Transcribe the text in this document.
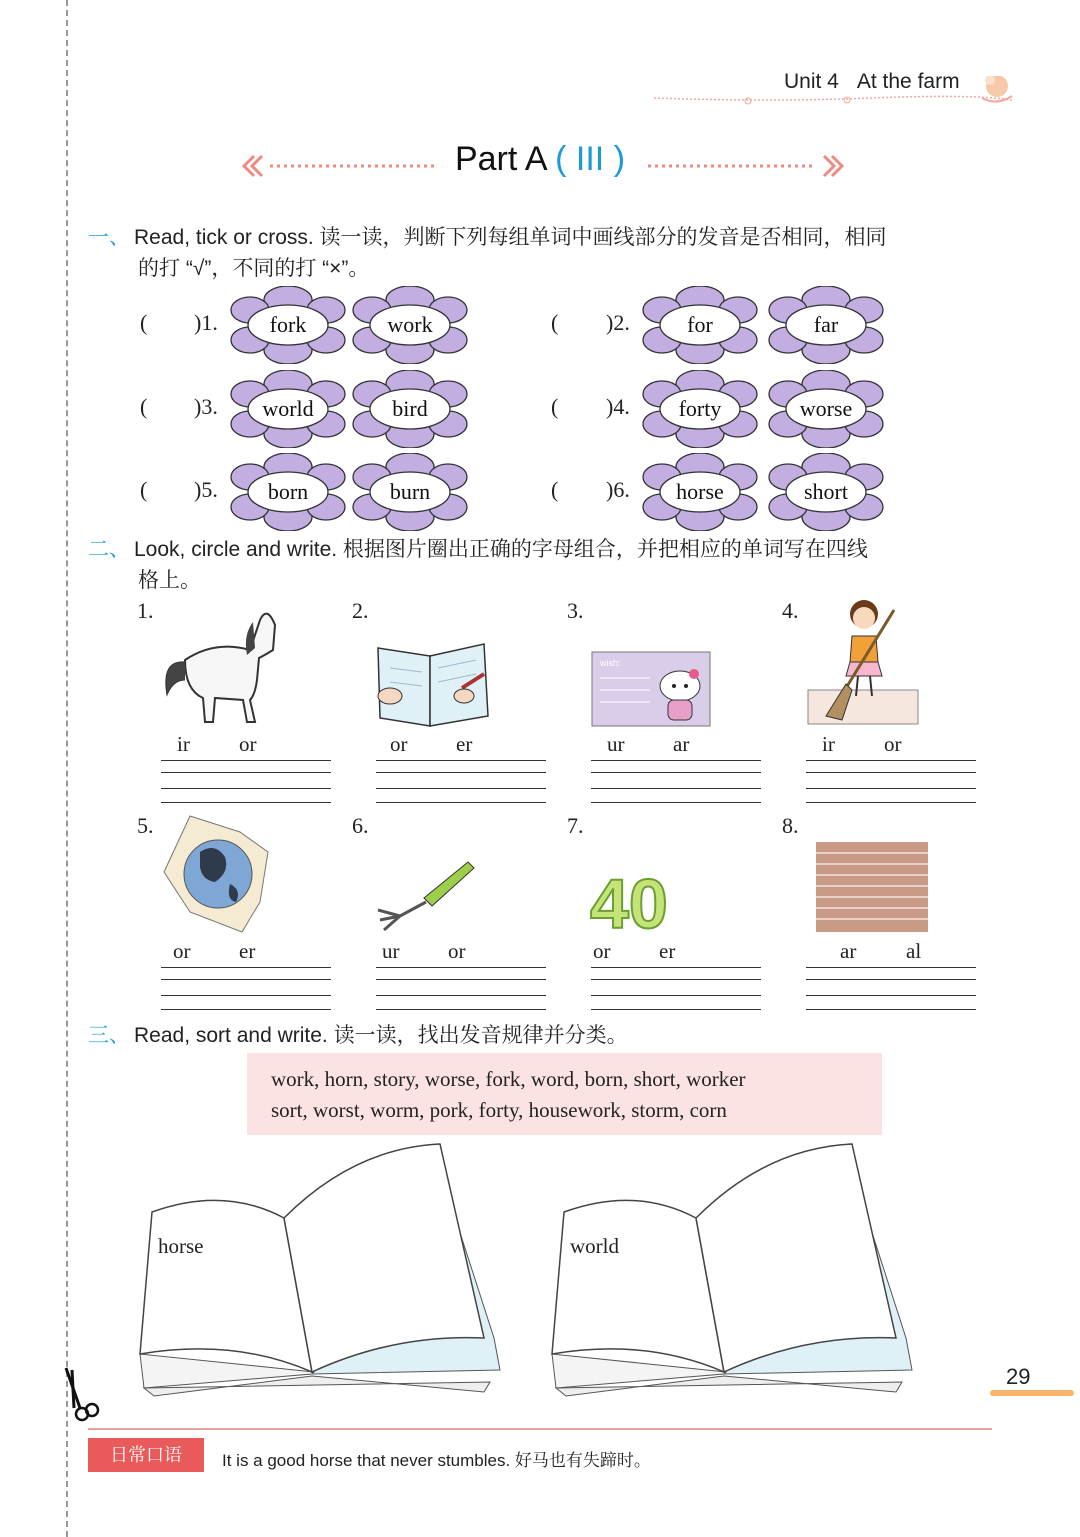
Unit 4 At the farm
Part A ( III )
一、 Read, tick or cross. 读一读，判断下列每组单词中画线部分的发音是否相同，相同
的打 “√”，不同的打 “×”。
( )1.	fork	work	( )2.	for	far
( )3.	world	bird	( )4.	forty	worse
( )5.	born	burn	( )6.	horse	short
二、 Look, circle and write. 根据图片圈出正确的字母组合，并把相应的单词写在四线
格上。
1.
ir or
2.
or er
3.
ur ar
4.
ir or
5.
or er
6.
ur or
7.
or er
8.
ar al
wish:
40
三、 Read, sort and write. 读一读，找出发音规律并分类。
work, horn, story, worse, fork, word, born, short, worker
sort, worst, worm, pork, forty, housework, storm, corn
horse	world
29
日常口语	It is a good horse that never stumbles. 好马也有失蹄时。
